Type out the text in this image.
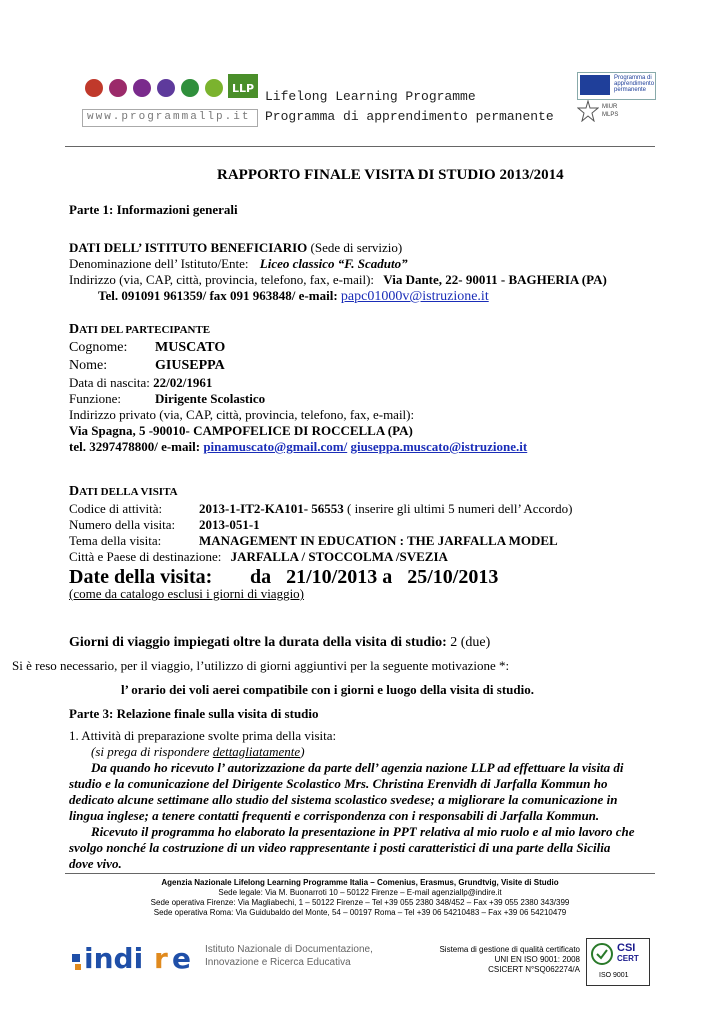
LLP
www.programmallp.it
Lifelong Learning Programme
Programma di apprendimento permanente
Programma di apprendimento permanente
MIUR
MLPS
RAPPORTO FINALE VISITA DI STUDIO 2013/2014
Parte 1: Informazioni generali
DATI DELL’ ISTITUTO BENEFICIARIO (Sede di servizio)
Denominazione dell’ Istituto/Ente: Liceo classico “F. Scaduto”
Indirizzo (via, CAP, città, provincia, telefono, fax, e-mail): Via Dante, 22- 90011 - BAGHERIA (PA)
Tel. 091091 961359/ fax 091 963848/ e-mail: papc01000v@istruzione.it
DATI DEL PARTECIPANTE
Cognome: MUSCATO
Nome:	GIUSEPPA
Data di nascita: 22/02/1961
Funzione:	Dirigente Scolastico
Indirizzo privato (via, CAP, città, provincia, telefono, fax, e-mail):
Via Spagna, 5 -90010- CAMPOFELICE DI ROCCELLA (PA)
tel. 3297478800/ e-mail: pinamuscato@gmail.com/ giuseppa.muscato@istruzione.it
DATI DELLA VISITA
Codice di attività:	2013-1-IT2-KA101- 56553 ( inserire gli ultimi 5 numeri dell’ Accordo)
Numero della visita: 2013-051-1
Tema della visita:	MANAGEMENT IN EDUCATION : THE JARFALLA MODEL
Città e Paese di destinazione: JARFALLA / STOCCOLMA /SVEZIA
Date della visita: da   21/10/2013 a   25/10/2013
(come da catalogo esclusi i giorni di viaggio)
Giorni di viaggio impiegati oltre la durata della visita di studio: 2 (due)
Si è reso necessario, per il viaggio, l’utilizzo di giorni aggiuntivi per la seguente motivazione *:
l’ orario dei voli aerei compatibile con i giorni e luogo della visita di studio.
Parte 3: Relazione finale sulla visita di studio
1. Attività di preparazione svolte prima della visita:
(si prega di rispondere dettagliatamente)
Da quando ho ricevuto l’ autorizzazione da parte dell’ agenzia nazione LLP ad effettuare la visita di
studio e la comunicazione del Dirigente Scolastico Mrs. Christina Erenvidh di Jarfalla Kommun ho
dedicato alcune settimane allo studio del sistema scolastico svedese; a migliorare la comunicazione in
lingua inglese; a tenere contatti frequenti e corrispondenza con i responsabili di Jarfalla Kommun.
Ricevuto il programma ho elaborato la presentazione in PPT relativa al mio ruolo e al mio lavoro che
svolgo nonché la costruzione di un video rappresentante i posti caratteristici di una parte della Sicilia
dove vivo.
Agenzia Nazionale Lifelong Learning Programme Italia – Comenius, Erasmus, Grundtvig, Visite di Studio
Sede legale: Via M. Buonarroti 10 – 50122 Firenze – E-mail agenziallp@indire.it
Sede operativa Firenze: Via Magliabechi, 1 – 50122 Firenze – Tel +39 055 2380 348/452 – Fax +39 055 2380 343/399
Sede operativa Roma: Via Guidubaldo del Monte, 54 – 00197 Roma – Tel +39 06 54210483 – Fax +39 06 54210479
indi r e Istituto Nazionale di Documentazione,
Innovazione e Ricerca Educativa
Sistema di gestione di qualità certificato
UNI EN ISO 9001: 2008
CSICERT N°SQ062274/A
CSI
CERT
ISO 9001
